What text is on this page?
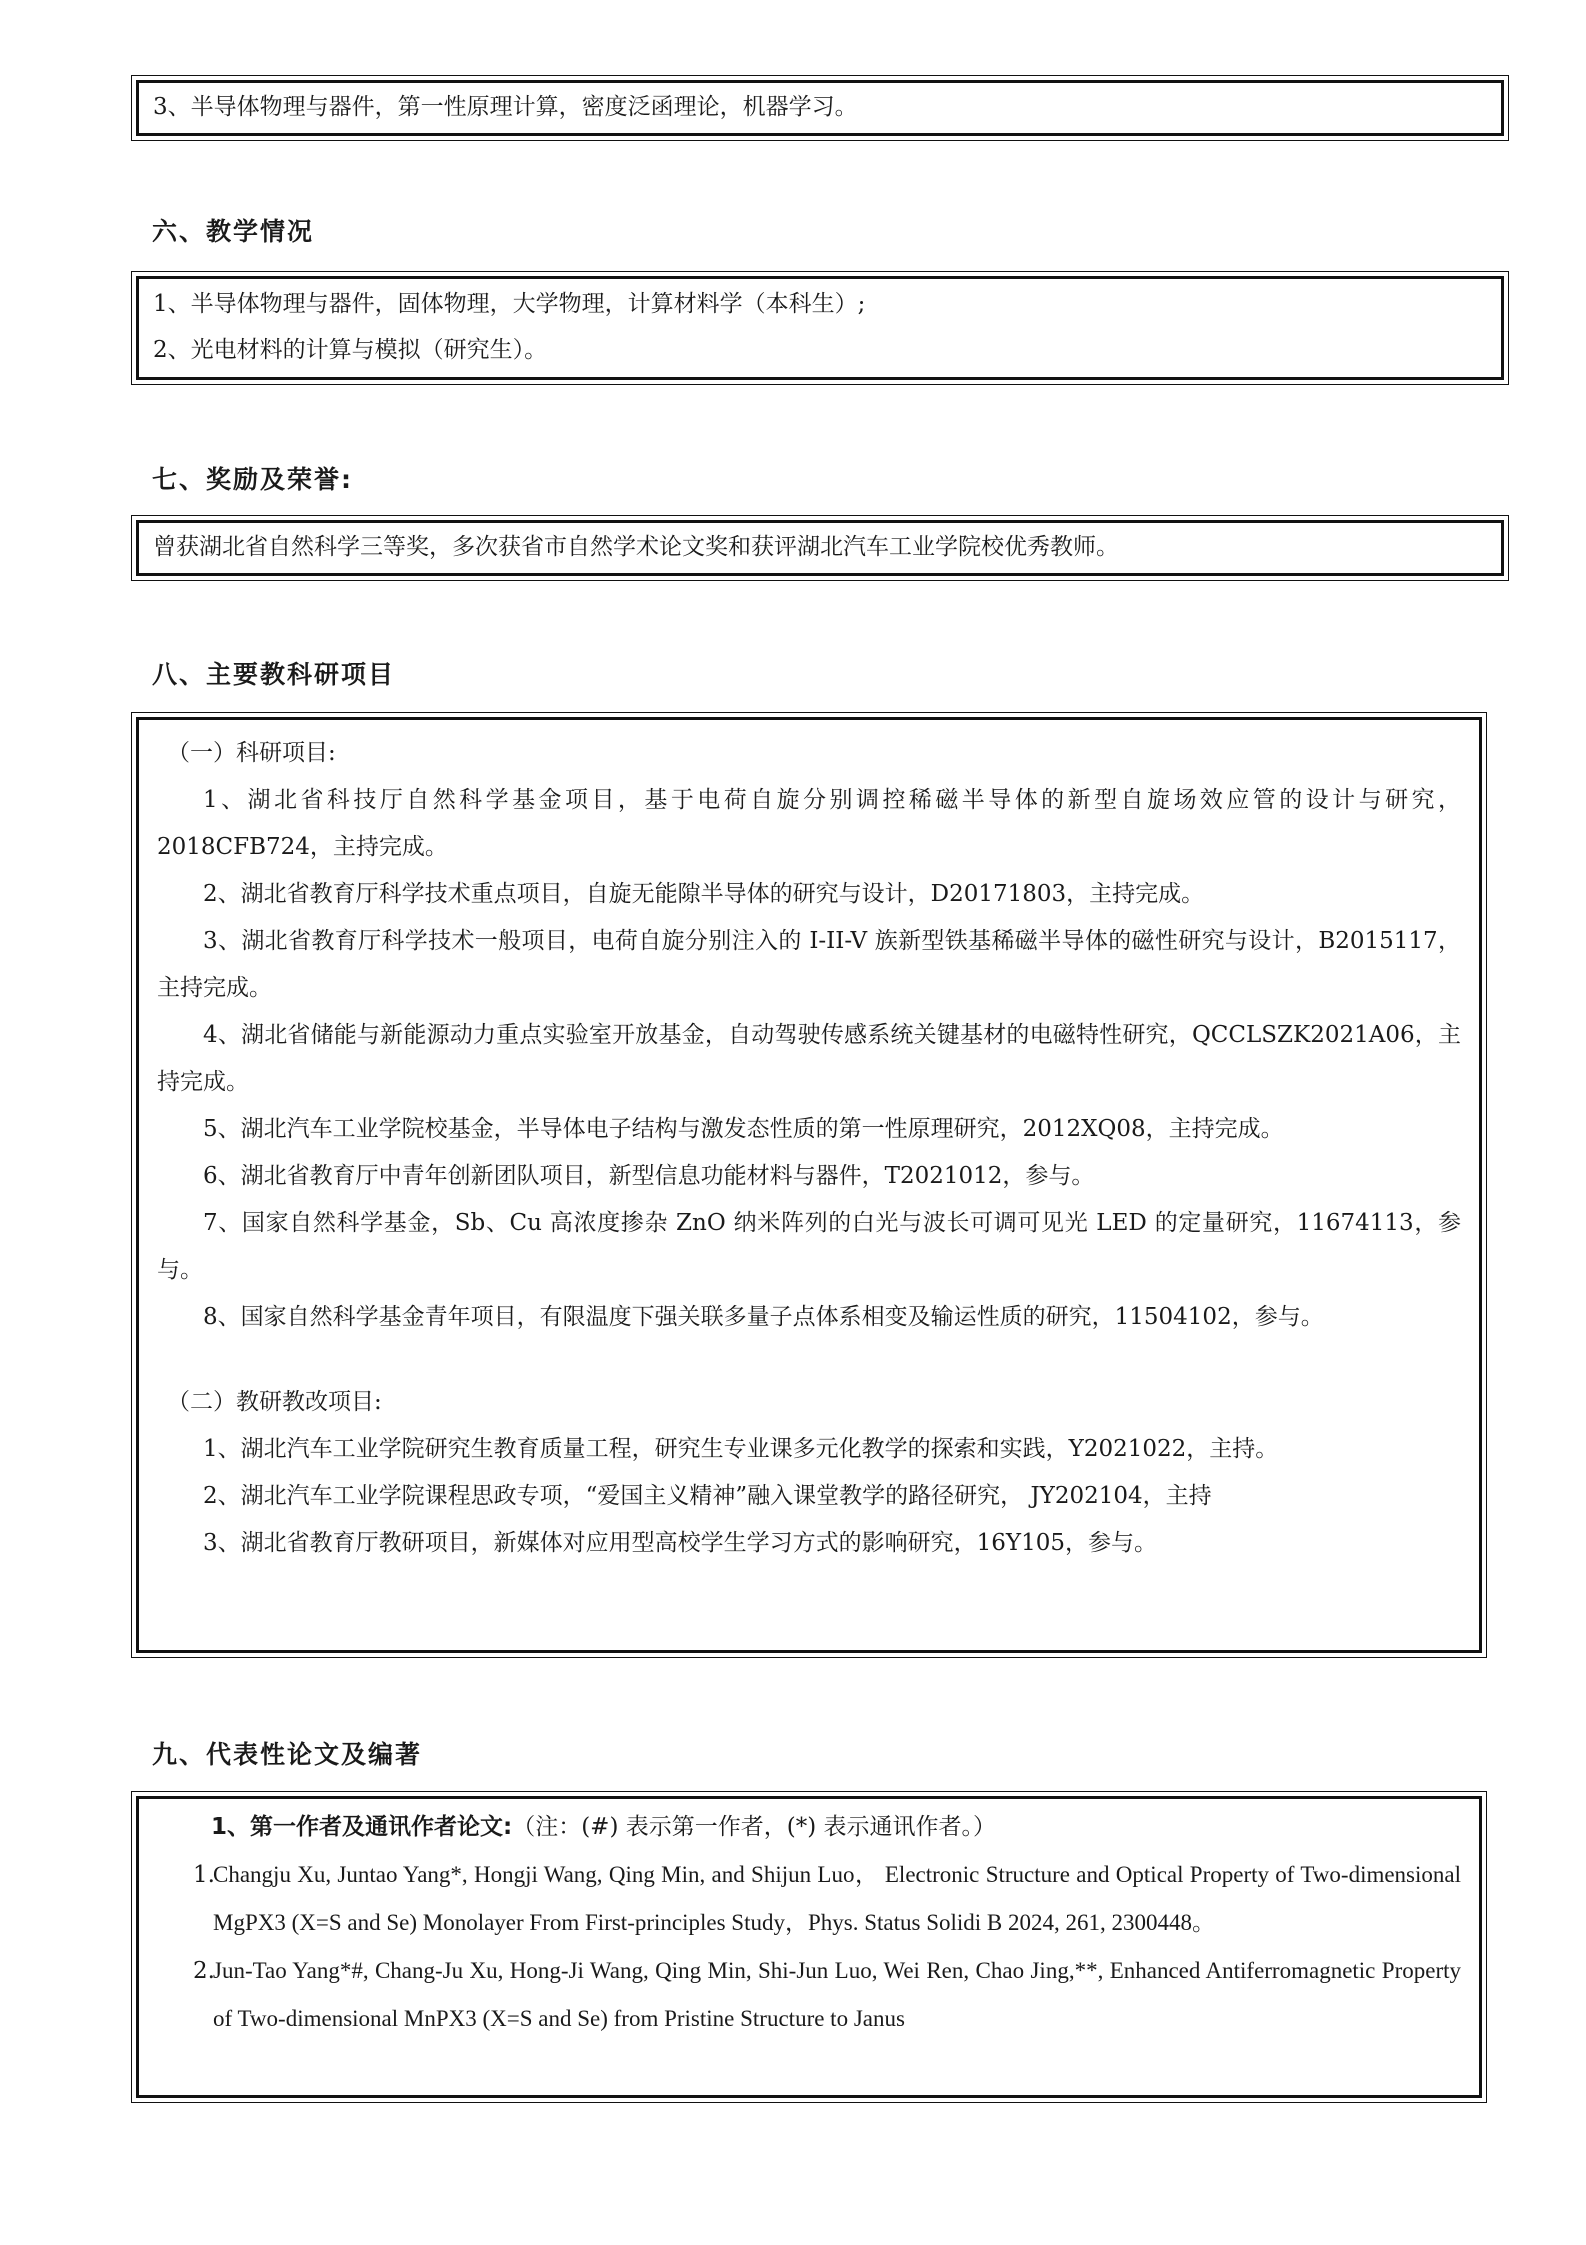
3、半导体物理与器件，第一性原理计算，密度泛函理论，机器学习。
六、教学情况
1、半导体物理与器件，固体物理，大学物理，计算材料学（本科生）;
2、光电材料的计算与模拟（研究生）。
七、奖励及荣誉:
曾获湖北省自然科学三等奖，多次获省市自然学术论文奖和获评湖北汽车工业学院校优秀教师。
八、主要教科研项目
（一）科研项目:
1、湖北省科技厅自然科学基金项目，基于电荷自旋分别调控稀磁半导体的新型自旋场效应管的设计与研究，2018CFB724，主持完成。
2、湖北省教育厅科学技术重点项目，自旋无能隙半导体的研究与设计，D20171803，主持完成。
3、湖北省教育厅科学技术一般项目，电荷自旋分别注入的 I-II-V 族新型铁基稀磁半导体的磁性研究与设计，B2015117，主持完成。
4、湖北省储能与新能源动力重点实验室开放基金，自动驾驶传感系统关键基材的电磁特性研究，QCCLSZK2021A06，主持完成。
5、湖北汽车工业学院校基金，半导体电子结构与激发态性质的第一性原理研究，2012XQ08，主持完成。
6、湖北省教育厅中青年创新团队项目，新型信息功能材料与器件，T2021012，参与。
7、国家自然科学基金，Sb、Cu 高浓度掺杂 ZnO 纳米阵列的白光与波长可调可见光 LED 的定量研究，11674113，参与。
8、国家自然科学基金青年项目，有限温度下强关联多量子点体系相变及输运性质的研究，11504102，参与。
（二）教研教改项目:
1、湖北汽车工业学院研究生教育质量工程，研究生专业课多元化教学的探索和实践，Y2021022，主持。
2、湖北汽车工业学院课程思政专项，“爱国主义精神”融入课堂教学的路径研究， JY202104，主持
3、湖北省教育厅教研项目，新媒体对应用型高校学生学习方式的影响研究，16Y105，参与。
九、代表性论文及编著
1、第一作者及通讯作者论文:（注：(#) 表示第一作者，(*) 表示通讯作者。）
1.
Changju Xu, Juntao Yang*, Hongji Wang, Qing Min, and Shijun Luo， Electronic Structure and Optical Property of Two-dimensional MgPX3 (X=S and Se) Monolayer From First-principles Study，Phys. Status Solidi B 2024, 261, 2300448。
2.
Jun-Tao Yang*#, Chang-Ju Xu, Hong-Ji Wang, Qing Min, Shi-Jun Luo, Wei Ren, Chao Jing,**, Enhanced Antiferromagnetic Property of Two-dimensional MnPX3 (X=S and Se) from Pristine Structure to Janus
